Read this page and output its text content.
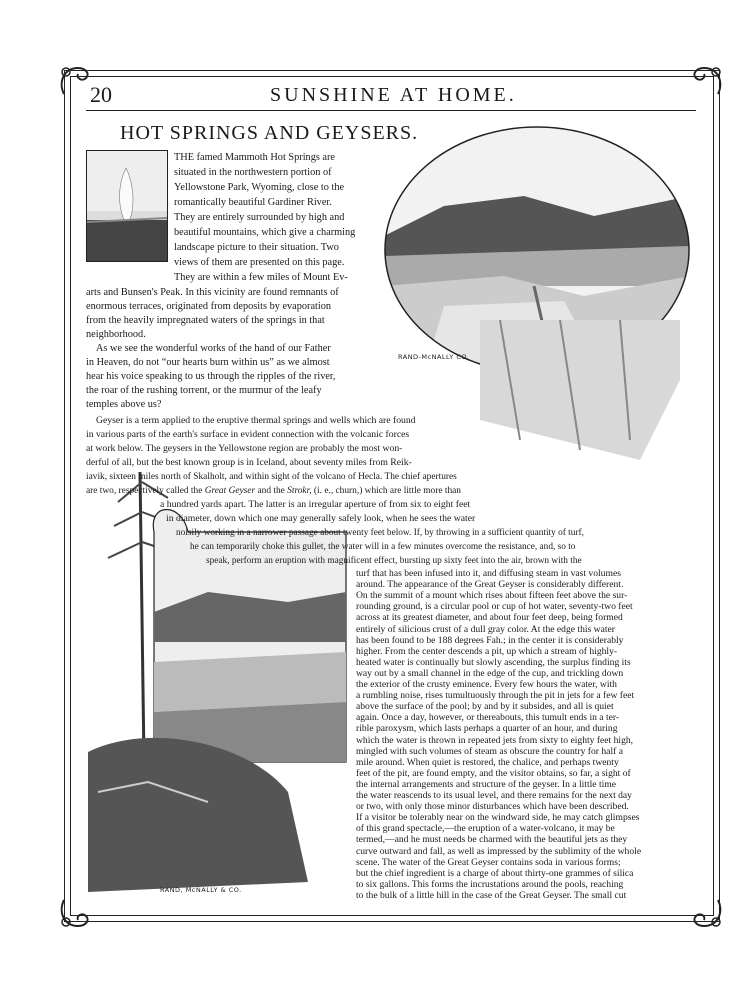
20	SUNSHINE AT HOME.
HOT SPRINGS AND GEYSERS.
RAND-McNALLY CO.
RAND, McNALLY & CO.
THE famed Mammoth Hot Springs are
situated in the northwestern portion of
Yellowstone Park, Wyoming, close to the
romantically beautiful Gardiner River.
They are entirely surrounded by high and
beautiful mountains, which give a charming
landscape picture to their situation. Two
views of them are presented on this page.
They are within a few miles of Mount Ev-
arts and Bunsen's Peak. In this vicinity are found remnants of
enormous terraces, originated from deposits by evaporation
from the heavily impregnated waters of the springs in that
neighborhood.
As we see the wonderful works of the hand of our Father
in Heaven, do not “our hearts burn within us” as we almost
hear his voice speaking to us through the ripples of the river,
the roar of the rushing torrent, or the murmur of the leafy
temples above us?
Geyser is a term applied to the eruptive thermal springs and wells which are found
in various parts of the earth's surface in evident connection with the volcanic forces
at work below. The geysers in the Yellowstone region are probably the most won-
derful of all, but the best known group is in Iceland, about seventy miles from Reik-
iavik, sixteen miles north of Skalholt, and within sight of the volcano of Hecla. The chief apertures
are two, respectively called the Great Geyser and the Strokr, (i. e., churn,) which are little more than
a hundred yards apart. The latter is an irregular aperture of from six to eight feet
in diameter, down which one may generally safely look, when he sees the water
noisily working in a narrower passage about twenty feet below. If, by throwing in a sufficient quantity of turf,
he can temporarily choke this gullet, the water will in a few minutes overcome the resistance, and, so to
speak, perform an eruption with magnificent effect, bursting up sixty feet into the air, brown with the
turf that has been infused into it, and diffusing steam in vast volumes
around. The appearance of the Great Geyser is considerably different.
On the summit of a mount which rises about fifteen feet above the sur-
rounding ground, is a circular pool or cup of hot water, seventy-two feet
across at its greatest diameter, and about four feet deep, being formed
entirely of silicious crust of a dull gray color. At the edge this water
has been found to be 188 degrees Fah.; in the center it is considerably
higher. From the center descends a pit, up which a stream of highly-
heated water is continually but slowly ascending, the surplus finding its
way out by a small channel in the edge of the cup, and trickling down
the exterior of the crusty eminence. Every few hours the water, with
a rumbling noise, rises tumultuously through the pit in jets for a few feet
above the surface of the pool; by and by it subsides, and all is quiet
again. Once a day, however, or thereabouts, this tumult ends in a ter-
rible paroxysm, which lasts perhaps a quarter of an hour, and during
which the water is thrown in repeated jets from sixty to eighty feet high,
mingled with such volumes of steam as obscure the country for half a
mile around. When quiet is restored, the chalice, and perhaps twenty
feet of the pit, are found empty, and the visitor obtains, so far, a sight of
the internal arrangements and structure of the geyser. In a little time
the water reascends to its usual level, and there remains for the next day
or two, with only those minor disturbances which have been described.
If a visitor be tolerably near on the windward side, he may catch glimpses
of this grand spectacle,—the eruption of a water-volcano, it may be
termed,—and he must needs be charmed with the beautiful jets as they
curve outward and fall, as well as impressed by the sublimity of the whole
scene. The water of the Great Geyser contains soda in various forms;
but the chief ingredient is a charge of about thirty-one grammes of silica
to six gallons. This forms the incrustations around the pools, reaching
to the bulk of a little hill in the case of the Great Geyser. The small cut
